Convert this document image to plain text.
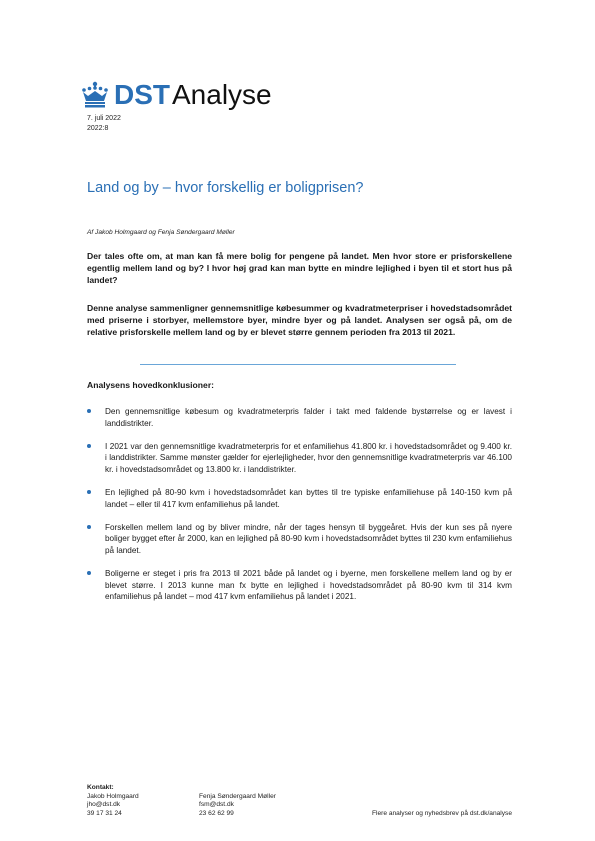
DST Analyse
7. juli 2022
2022:8
Land og by – hvor forskellig er boligprisen?
Af Jakob Holmgaard og Fenja Søndergaard Møller

Der tales ofte om, at man kan få mere bolig for pengene på landet. Men hvor store er prisforskellene egentlig mellem land og by? I hvor høj grad kan man bytte en mindre lejlighed i byen til et stort hus på landet?

Denne analyse sammenligner gennemsnitlige købesummer og kvadratmeterpriser i hovedstadsområdet med priserne i storbyer, mellemstore byer, mindre byer og på landet. Analysen ser også på, om de relative prisforskelle mellem land og by er blevet større gennem perioden fra 2013 til 2021.

Analysens hovedkonklusioner:
Den gennemsnitlige købesum og kvadratmeterpris falder i takt med faldende bystørrelse og er lavest i landdistrikter.
I 2021 var den gennemsnitlige kvadratmeterpris for et enfamiliehus 41.800 kr. i hovedstadsområdet og 9.400 kr. i landdistrikter. Samme mønster gælder for ejerlejligheder, hvor den gennemsnitlige kvadratmeterpris var 46.100 kr. i hovedstadsområdet og 13.800 kr. i landdistrikter.
En lejlighed på 80-90 kvm i hovedstadsområdet kan byttes til tre typiske enfamiliehuse på 140-150 kvm på landet – eller til 417 kvm enfamiliehus på landet.
Forskellen mellem land og by bliver mindre, når der tages hensyn til byggeåret. Hvis der kun ses på nyere boliger bygget efter år 2000, kan en lejlighed på 80-90 kvm i hovedstadsområdet byttes til 230 kvm enfamiliehus på landet.
Boligerne er steget i pris fra 2013 til 2021 både på landet og i byerne, men forskellene mellem land og by er blevet større. I 2013 kunne man fx bytte en lejlighed i hovedstadsområdet på 80-90 kvm til 314 kvm enfamiliehus på landet – mod 417 kvm enfamiliehus på landet i 2021.
Kontakt:
Jakob Holmgaard
jho@dst.dk
39 17 31 24
Fenja Søndergaard Møller
fsm@dst.dk
23 62 62 99	Flere analyser og nyhedsbrev på dst.dk/analyse
